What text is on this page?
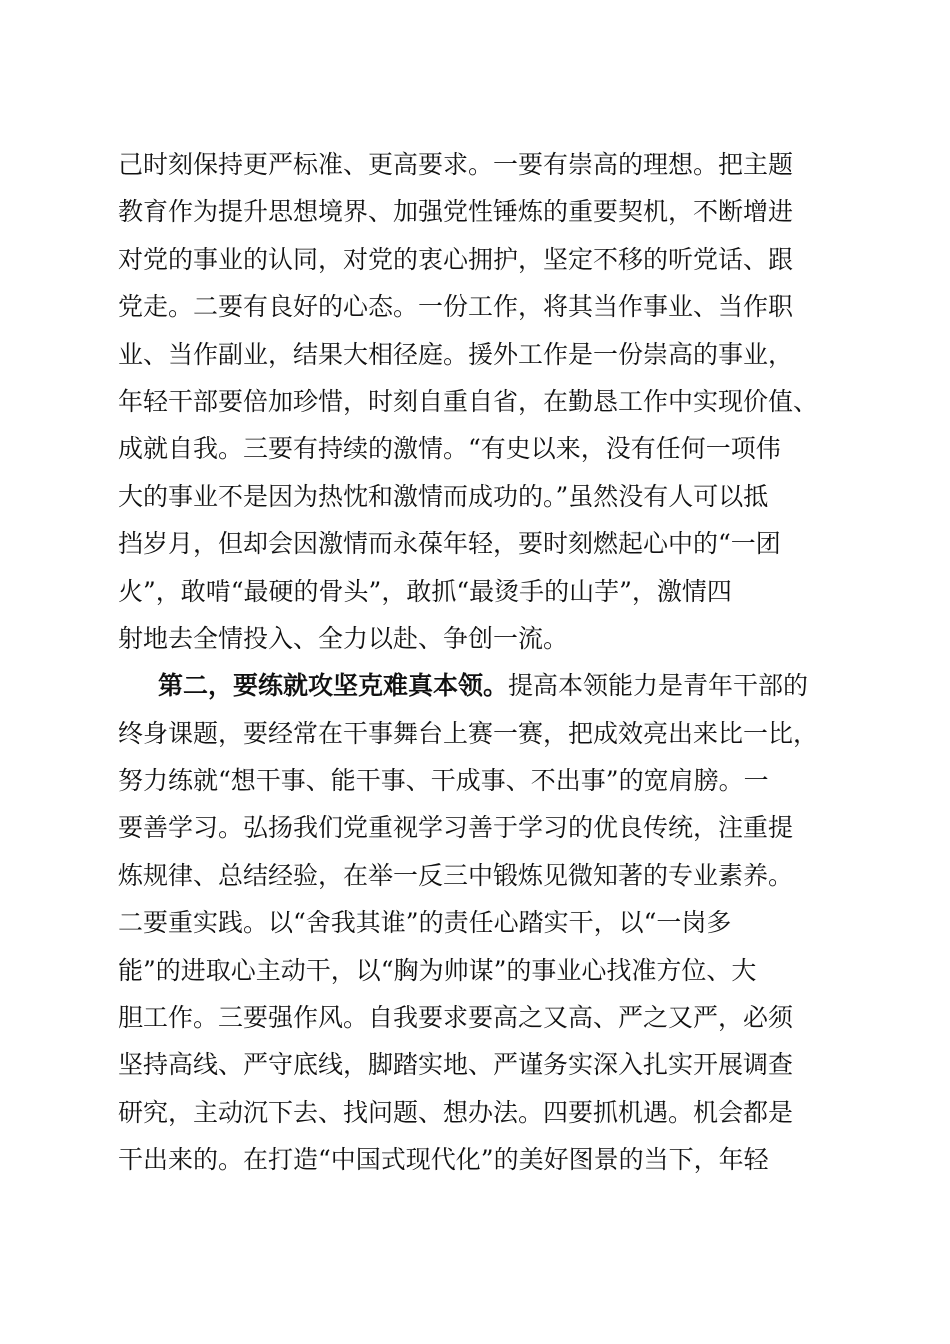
己时刻保持更严标准、更高要求。一要有崇高的理想。把主题
教育作为提升思想境界、加强党性锤炼的重要契机，不断增进
对党的事业的认同，对党的衷心拥护，坚定不移的听党话、跟
党走。二要有良好的心态。一份工作，将其当作事业、当作职
业、当作副业，结果大相径庭。援外工作是一份崇高的事业，
年轻干部要倍加珍惜，时刻自重自省，在勤恳工作中实现价值、
成就自我。三要有持续的激情。“有史以来，没有任何一项伟
大的事业不是因为热忱和激情而成功的。”虽然没有人可以抵
挡岁月，但却会因激情而永葆年轻，要时刻燃起心中的“一团
火”，敢啃“最硬的骨头”，敢抓“最烫手的山芋”，激情四
射地去全情投入、全力以赴、争创一流。
第二，要练就攻坚克难真本领。提高本领能力是青年干部的
终身课题，要经常在干事舞台上赛一赛，把成效亮出来比一比，
努力练就“想干事、能干事、干成事、不出事”的宽肩膀。一
要善学习。弘扬我们党重视学习善于学习的优良传统，注重提
炼规律、总结经验，在举一反三中锻炼见微知著的专业素养。
二要重实践。以“舍我其谁”的责任心踏实干，以“一岗多
能”的进取心主动干，以“胸为帅谋”的事业心找准方位、大
胆工作。三要强作风。自我要求要高之又高、严之又严，必须
坚持高线、严守底线，脚踏实地、严谨务实深入扎实开展调查
研究，主动沉下去、找问题、想办法。四要抓机遇。机会都是
干出来的。在打造“中国式现代化”的美好图景的当下，年轻
